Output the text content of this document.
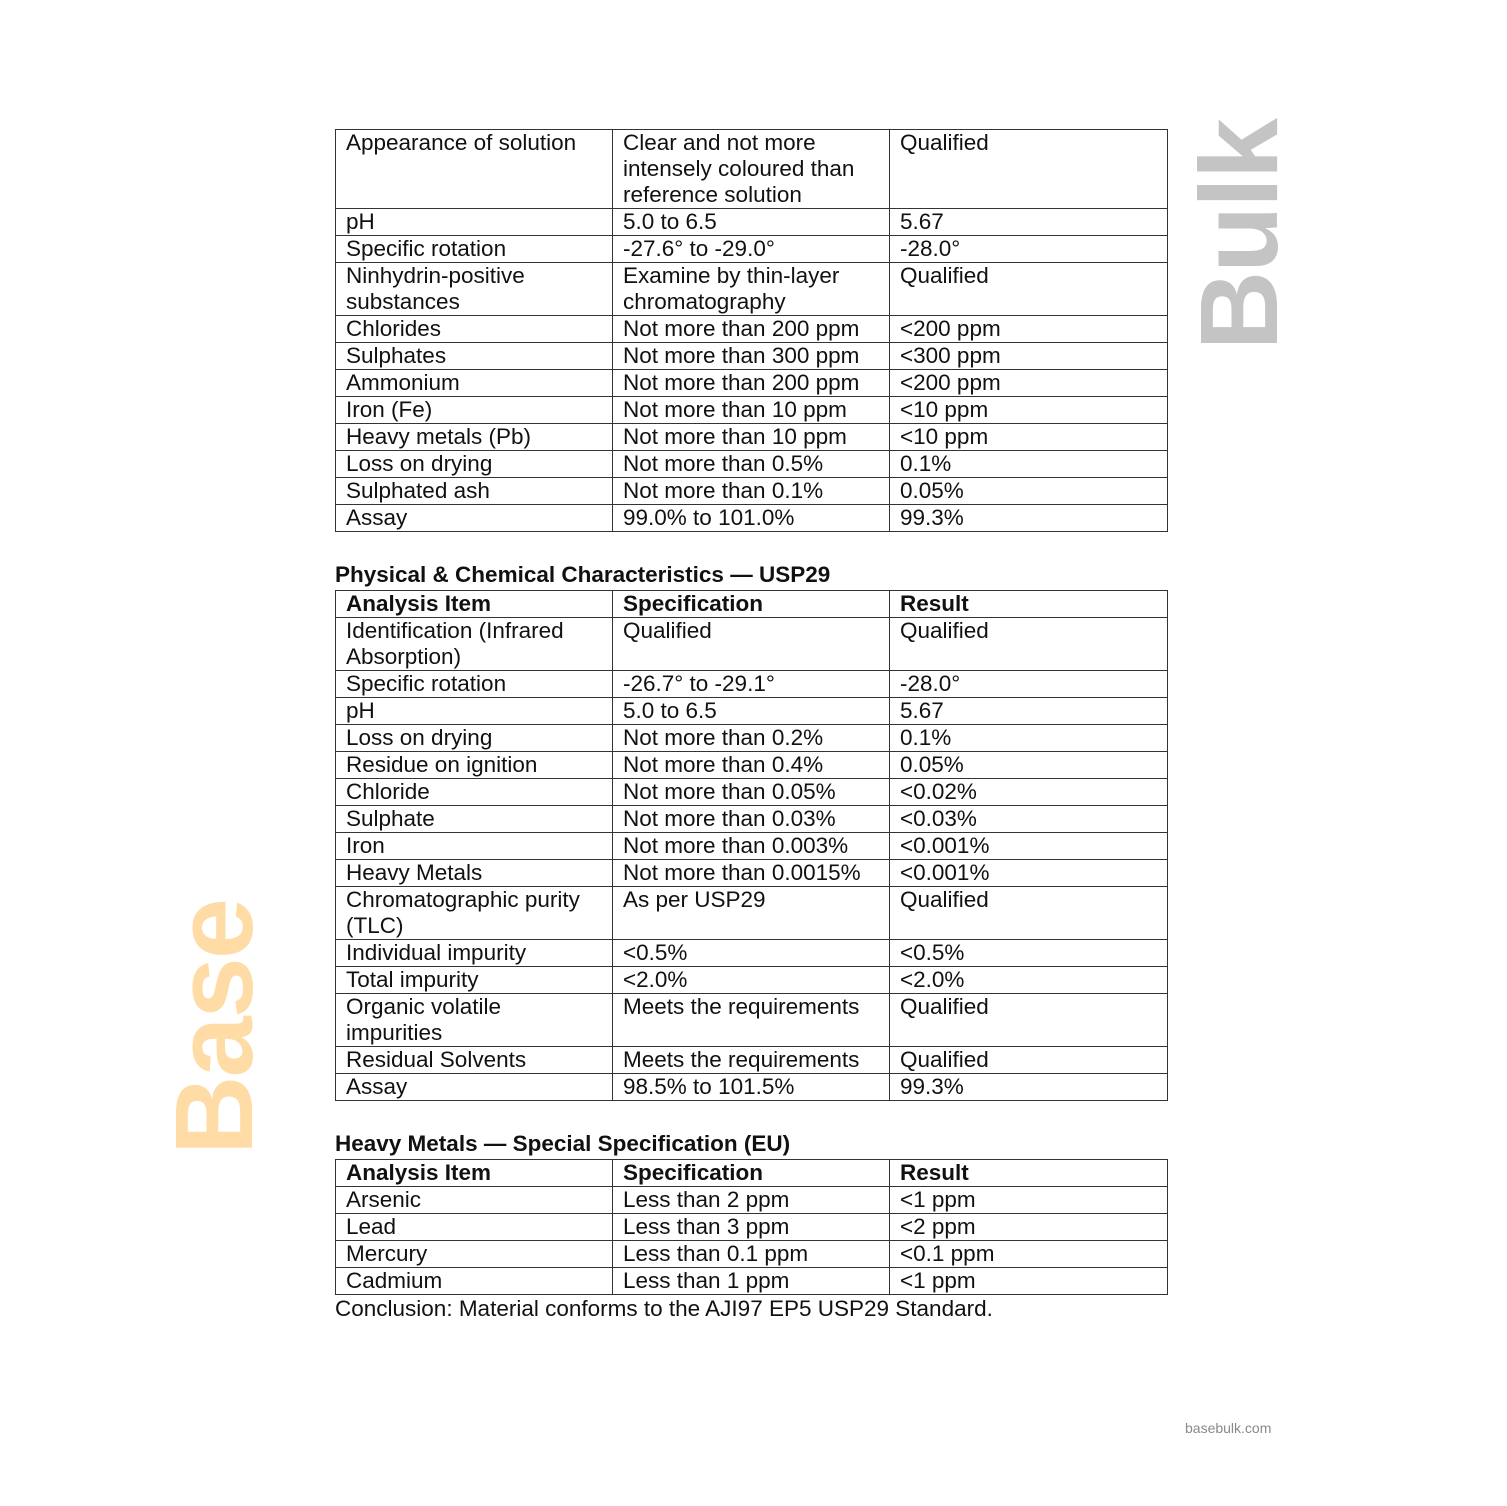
Bulk
Base
basebulk.com
Appearance of solution	Clear and not more intensely coloured than reference solution	Qualified
pH	5.0 to 6.5	5.67
Specific rotation	-27.6° to -29.0°	-28.0°
Ninhydrin-positive substances	Examine by thin-layer chromatography	Qualified
Chlorides	Not more than 200 ppm	<200 ppm
Sulphates	Not more than 300 ppm	<300 ppm
Ammonium	Not more than 200 ppm	<200 ppm
Iron (Fe)	Not more than 10 ppm	<10 ppm
Heavy metals (Pb)	Not more than 10 ppm	<10 ppm
Loss on drying	Not more than 0.5%	0.1%
Sulphated ash	Not more than 0.1%	0.05%
Assay	99.0% to 101.0%	99.3%
Physical & Chemical Characteristics — USP29
Analysis Item	Specification	Result
Identification (Infrared Absorption)	Qualified	Qualified
Specific rotation	-26.7° to -29.1°	-28.0°
pH	5.0 to 6.5	5.67
Loss on drying	Not more than 0.2%	0.1%
Residue on ignition	Not more than 0.4%	0.05%
Chloride	Not more than 0.05%	<0.02%
Sulphate	Not more than 0.03%	<0.03%
Iron	Not more than 0.003%	<0.001%
Heavy Metals	Not more than 0.0015%	<0.001%
Chromatographic purity (TLC)	As per USP29	Qualified
Individual impurity	<0.5%	<0.5%
Total impurity	<2.0%	<2.0%
Organic volatile impurities	Meets the requirements	Qualified
Residual Solvents	Meets the requirements	Qualified
Assay	98.5% to 101.5%	99.3%
Heavy Metals — Special Specification (EU)
Analysis Item	Specification	Result
Arsenic	Less than 2 ppm	<1 ppm
Lead	Less than 3 ppm	<2 ppm
Mercury	Less than 0.1 ppm	<0.1 ppm
Cadmium	Less than 1 ppm	<1 ppm
Conclusion: Material conforms to the AJI97 EP5 USP29 Standard.
